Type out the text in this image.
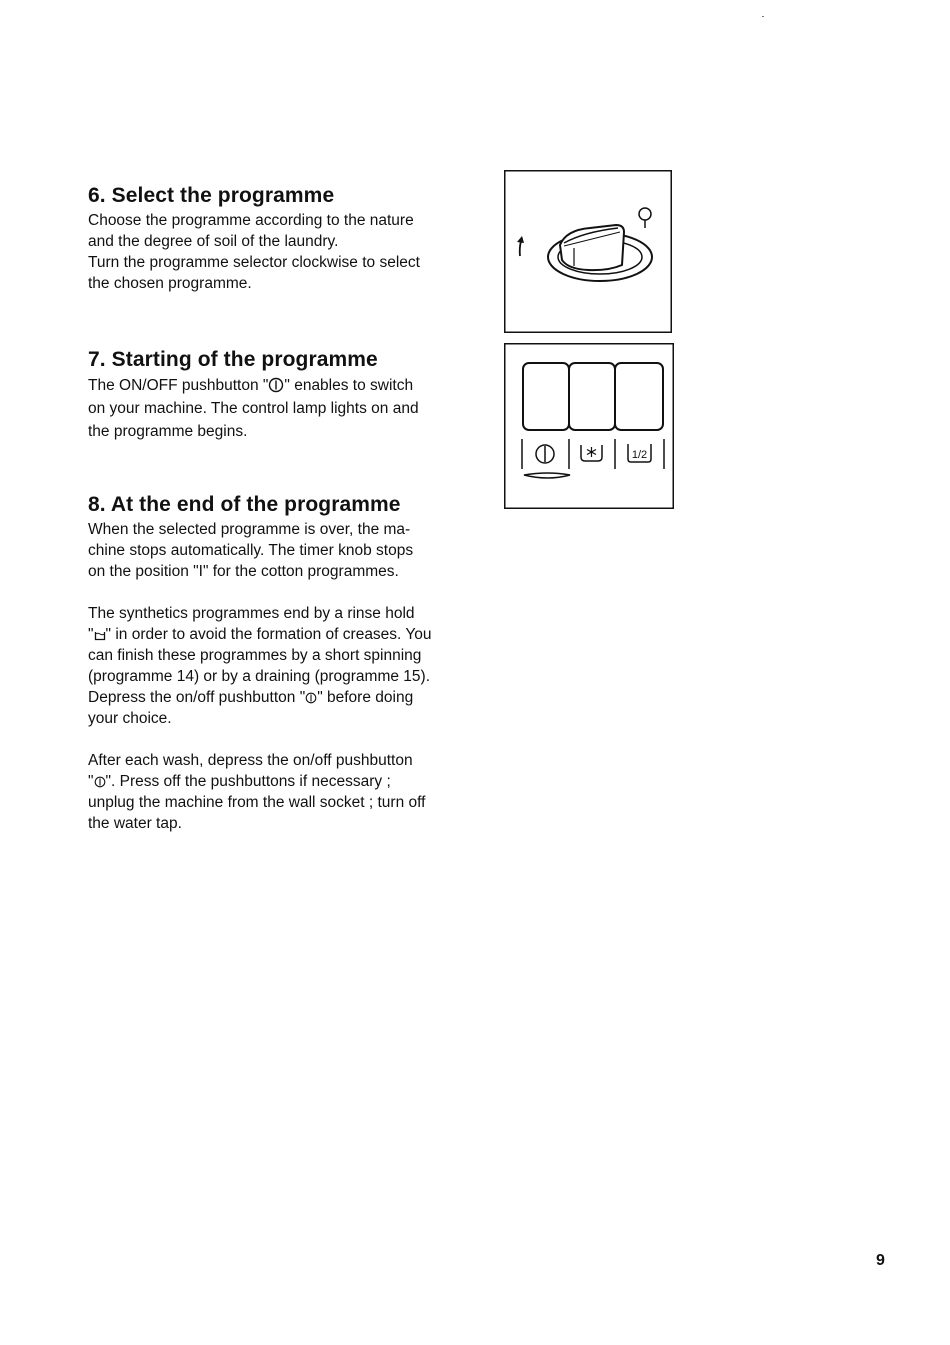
6. Select the programme

Choose the programme according to the nature
and the degree of soil of the laundry.
Turn the programme selector clockwise to select
the chosen programme.

7. Starting of the programme

The ON/OFF pushbutton " " enables to switch
on your machine. The control lamp lights on and
the programme begins.

8. At the end of the programme

When the selected programme is over, the ma-
chine stops automatically. The timer knob stops
on the position "I" for the cotton programmes.

The synthetics programmes end by a rinse hold
" " in order to avoid the formation of creases. You
can finish these programmes by a short spinning
(programme 14) or by a draining (programme 15).
Depress the on/off pushbutton " " before doing
your choice.

After each wash, depress the on/off pushbutton
" ". Press off the pushbuttons if necessary ;
unplug the machine from the wall socket ; turn off
the water tap.

1/2
9
